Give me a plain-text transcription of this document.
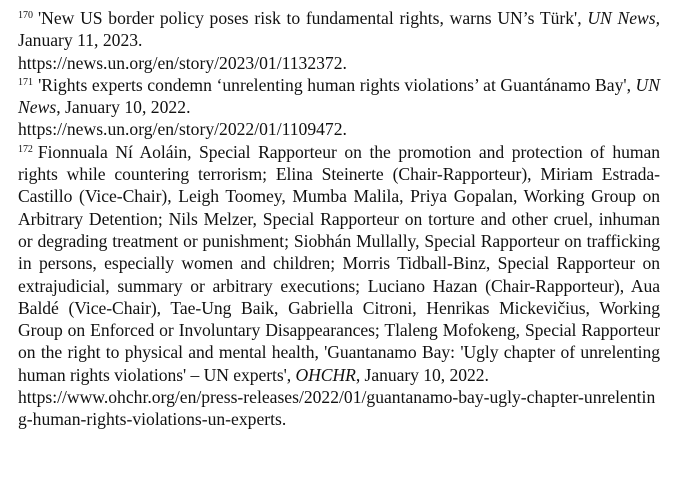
$^{170}$ 'New US border policy poses risk to fundamental rights, warns UN’s Türk', UN News, January 11, 2023.

https://news.un.org/en/story/2023/01/1132372.

$^{171}$ 'Rights experts condemn ‘unrelenting human rights violations’ at Guantánamo Bay', UN News, January 10, 2022.

https://news.un.org/en/story/2022/01/1109472.

$^{172}$ Fionnuala Ní Aoláin, Special Rapporteur on the promotion and protection of human rights while countering terrorism; Elina Steinerte (Chair-Rapporteur), Miriam Estrada-Castillo (Vice-Chair), Leigh Toomey, Mumba Malila, Priya Gopalan, Working Group on Arbitrary Detention; Nils Melzer, Special Rapporteur on torture and other cruel, inhuman or degrading treatment or punishment; Siobhán Mullally, Special Rapporteur on trafficking in persons, especially women and children; Morris Tidball-Binz, Special Rapporteur on extrajudicial, summary or arbitrary executions; Luciano Hazan (Chair-Rapporteur), Aua Baldé (Vice-Chair), Tae-Ung Baik, Gabriella Citroni, Henrikas Mickevičius, Working Group on Enforced or Involuntary Disappearances; Tlaleng Mofokeng, Special Rapporteur on the right to physical and mental health, 'Guantanamo Bay: 'Ugly chapter of unrelenting human rights violations' – UN experts', OHCHR, January 10, 2022.

https://www.ohchr.org/en/press-releases/2022/01/guantanamo-bay-ugly-chapter-unrelenting-human-rights-violations-un-experts.
